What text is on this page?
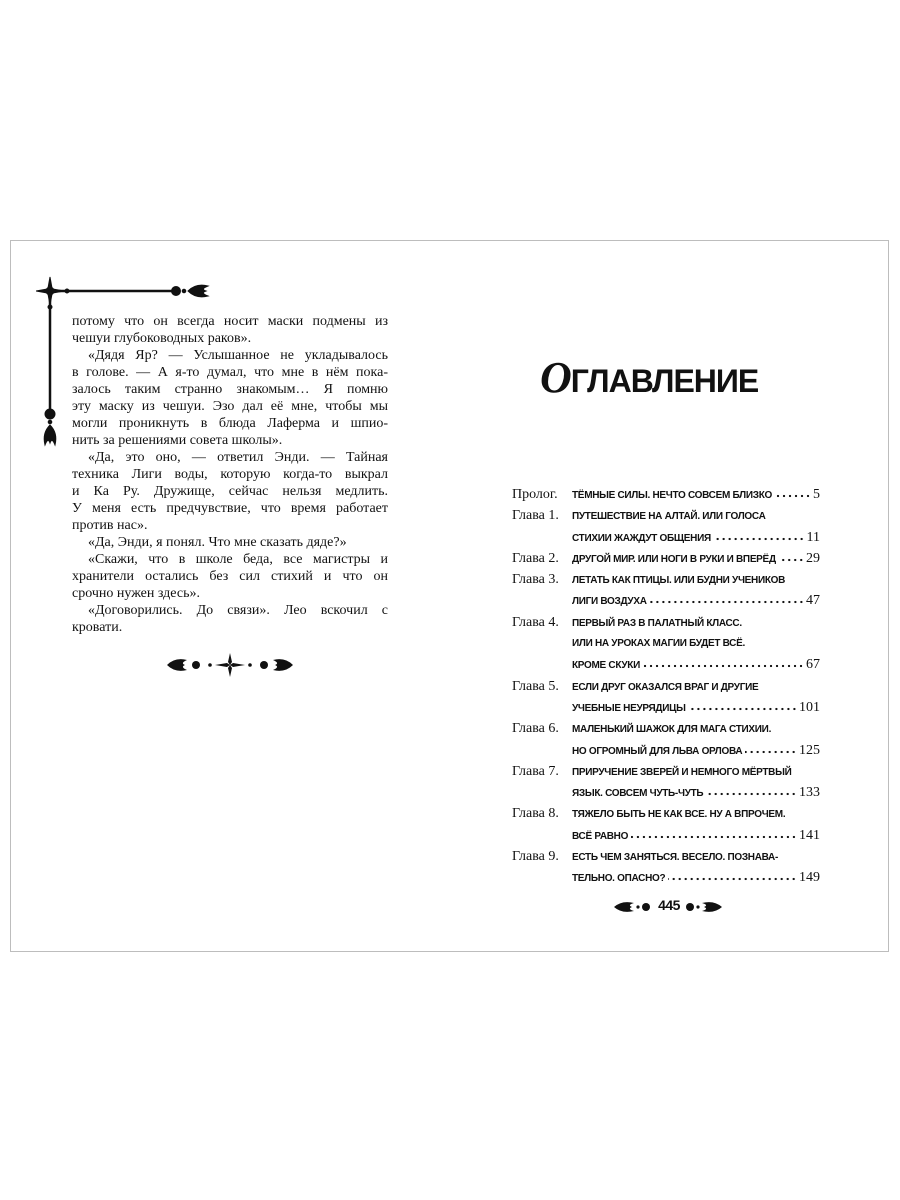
потому что он всегда носит маски подмены из
чешуи глубоководных раков».
«Дядя Яр? — Услышанное не укладывалось
в голове. — А я-то думал, что мне в нём пока-
залось таким странно знакомым… Я помню
эту маску из чешуи. Эзо дал её мне, чтобы мы
могли проникнуть в блюда Лаферма и шпио-
нить за решениями совета школы».
«Да, это оно, — ответил Энди. — Тайная
техника Лиги воды, которую когда-то выкрал
и Ка Ру. Дружище, сейчас нельзя медлить.
У меня есть предчувствие, что время работает
против нас».
«Да, Энди, я понял. Что мне сказать дяде?»
«Скажи, что в школе беда, все магистры и
хранители остались без сил стихий и что он
срочно нужен здесь».
«Договорились. До связи». Лео вскочил с
кровати.
ОГЛАВЛЕНИЕ
Пролог.	ТЁМНЫЕ СИЛЫ. НЕЧТО СОВСЕМ БЛИЗКО	5
Глава 1.	ПУТЕШЕСТВИЕ НА АЛТАЙ. ИЛИ ГОЛОСА
СТИХИИ ЖАЖДУТ ОБЩЕНИЯ	11
Глава 2.	ДРУГОЙ МИР. ИЛИ НОГИ В РУКИ И ВПЕРЁД 29
Глава 3.	ЛЕТАТЬ КАК ПТИЦЫ. ИЛИ БУДНИ УЧЕНИКОВ
ЛИГИ ВОЗДУХА	47
Глава 4.	ПЕРВЫЙ РАЗ В ПАЛАТНЫЙ КЛАСС.
ИЛИ НА УРОКАХ МАГИИ БУДЕТ ВСЁ.
КРОМЕ СКУКИ	67
Глава 5.	ЕСЛИ ДРУГ ОКАЗАЛСЯ ВРАГ И ДРУГИЕ
УЧЕБНЫЕ НЕУРЯДИЦЫ	101
Глава 6.	МАЛЕНЬКИЙ ШАЖОК ДЛЯ МАГА СТИХИИ.
НО ОГРОМНЫЙ ДЛЯ ЛЬВА ОРЛОВА	125
Глава 7.	ПРИРУЧЕНИЕ ЗВЕРЕЙ И НЕМНОГО МЁРТВЫЙ
ЯЗЫК. СОВСЕМ ЧУТЬ-ЧУТЬ	133
Глава 8.	ТЯЖЕЛО БЫТЬ НЕ КАК ВСЕ. НУ А ВПРОЧЕМ.
ВСЁ РАВНО	141
Глава 9.	ЕСТЬ ЧЕМ ЗАНЯТЬСЯ. ВЕСЕЛО. ПОЗНАВА-
ТЕЛЬНО. ОПАСНО?	149
445
